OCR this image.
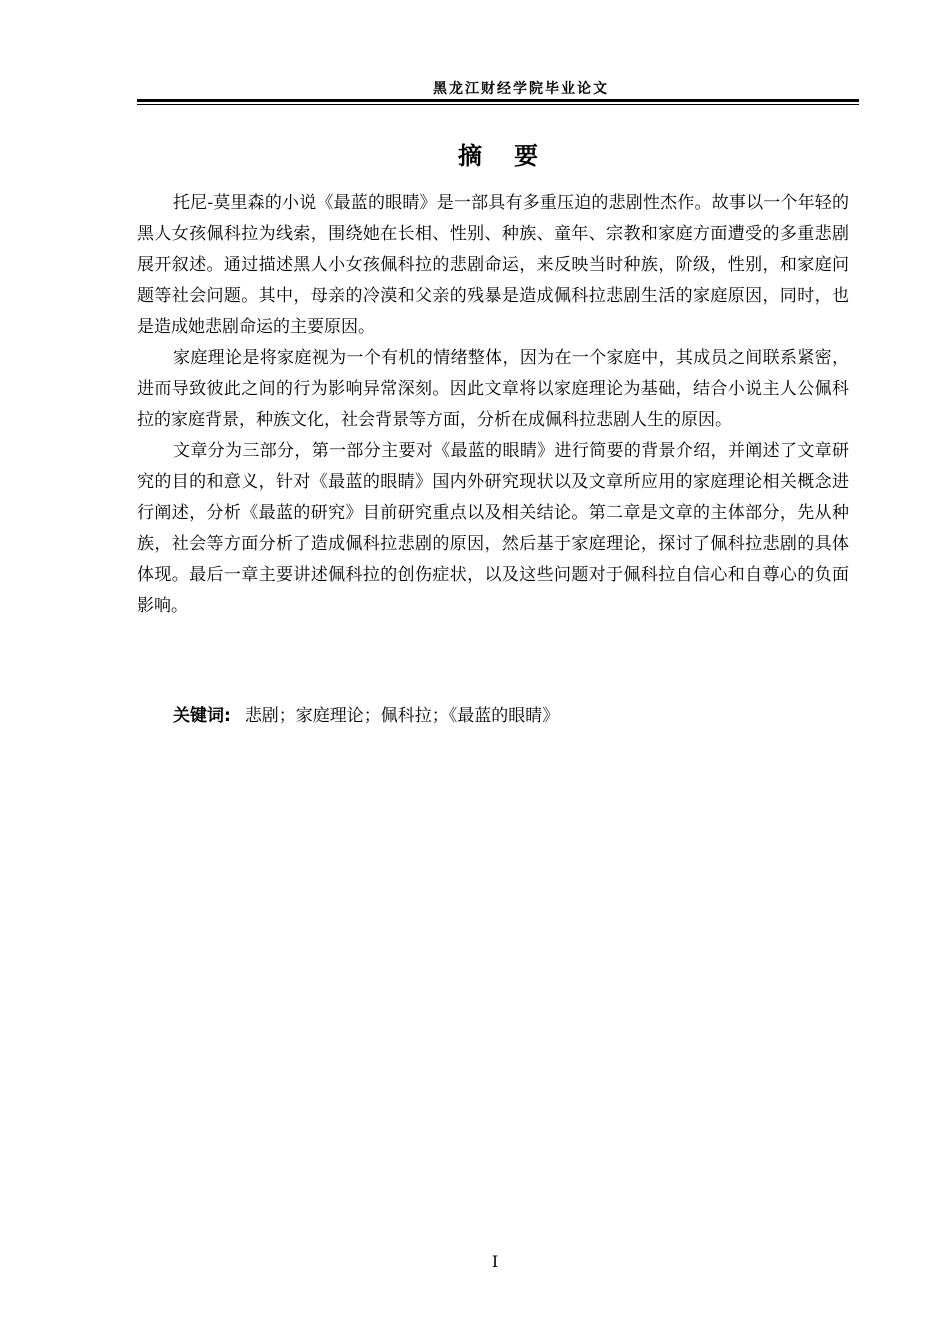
黑龙江财经学院毕业论文
摘要

托尼-莫里森的小说《最蓝的眼睛》是一部具有多重压迫的悲剧性杰作。故事以一个年轻的黑人女孩佩科拉为线索，围绕她在长相、性别、种族、童年、宗教和家庭方面遭受的多重悲剧展开叙述。通过描述黑人小女孩佩科拉的悲剧命运，来反映当时种族，阶级，性别，和家庭问题等社会问题。其中，母亲的冷漠和父亲的残暴是造成佩科拉悲剧生活的家庭原因，同时，也是造成她悲剧命运的主要原因。

家庭理论是将家庭视为一个有机的情绪整体，因为在一个家庭中，其成员之间联系紧密，进而导致彼此之间的行为影响异常深刻。因此文章将以家庭理论为基础，结合小说主人公佩科拉的家庭背景，种族文化，社会背景等方面，分析在成佩科拉悲剧人生的原因。

文章分为三部分，第一部分主要对《最蓝的眼睛》进行简要的背景介绍，并阐述了文章研究的目的和意义，针对《最蓝的眼睛》国内外研究现状以及文章所应用的家庭理论相关概念进行阐述，分析《最蓝的研究》目前研究重点以及相关结论。第二章是文章的主体部分，先从种族，社会等方面分析了造成佩科拉悲剧的原因，然后基于家庭理论，探讨了佩科拉悲剧的具体体现。最后一章主要讲述佩科拉的创伤症状，以及这些问题对于佩科拉自信心和自尊心的负面影响。

关键词: 悲剧；家庭理论；佩科拉；《最蓝的眼睛》
I
